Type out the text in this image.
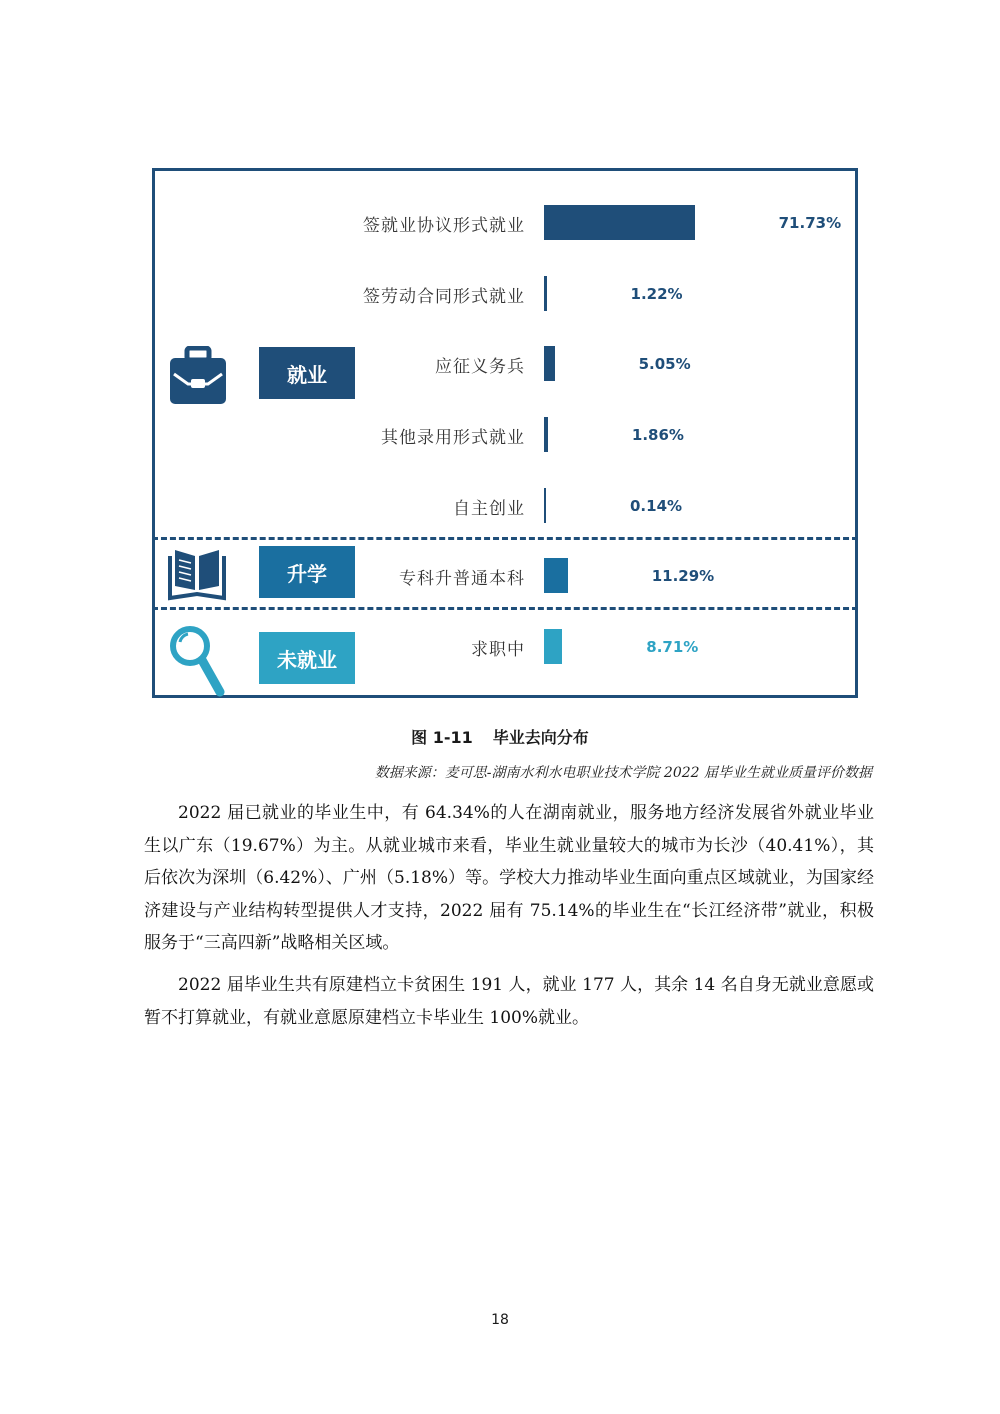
就业
升学
未就业
签就业协议形式就业
签劳动合同形式就业
应征义务兵
其他录用形式就业
自主创业
专科升普通本科
求职中
71.73%
1.22%
5.05%
1.86%
0.14%
11.29%
8.71%
图 1-11 毕业去向分布
数据来源：麦可思-湖南水利水电职业技术学院 2022 届毕业生就业质量评价数据
2022 届已就业的毕业生中，有 64.34%的人在湖南就业，服务地方经济发展省外就业毕业生以广东（19.67%）为主。从就业城市来看，毕业生就业量较大的城市为长沙（40.41%），其后依次为深圳（6.42%）、广州（5.18%）等。学校大力推动毕业生面向重点区域就业，为国家经济建设与产业结构转型提供人才支持，2022 届有 75.14%的毕业生在“长江经济带”就业，积极服务于“三高四新”战略相关区域。
2022 届毕业生共有原建档立卡贫困生 191 人，就业 177 人，其余 14 名自身无就业意愿或暂不打算就业，有就业意愿原建档立卡毕业生 100%就业。
18
